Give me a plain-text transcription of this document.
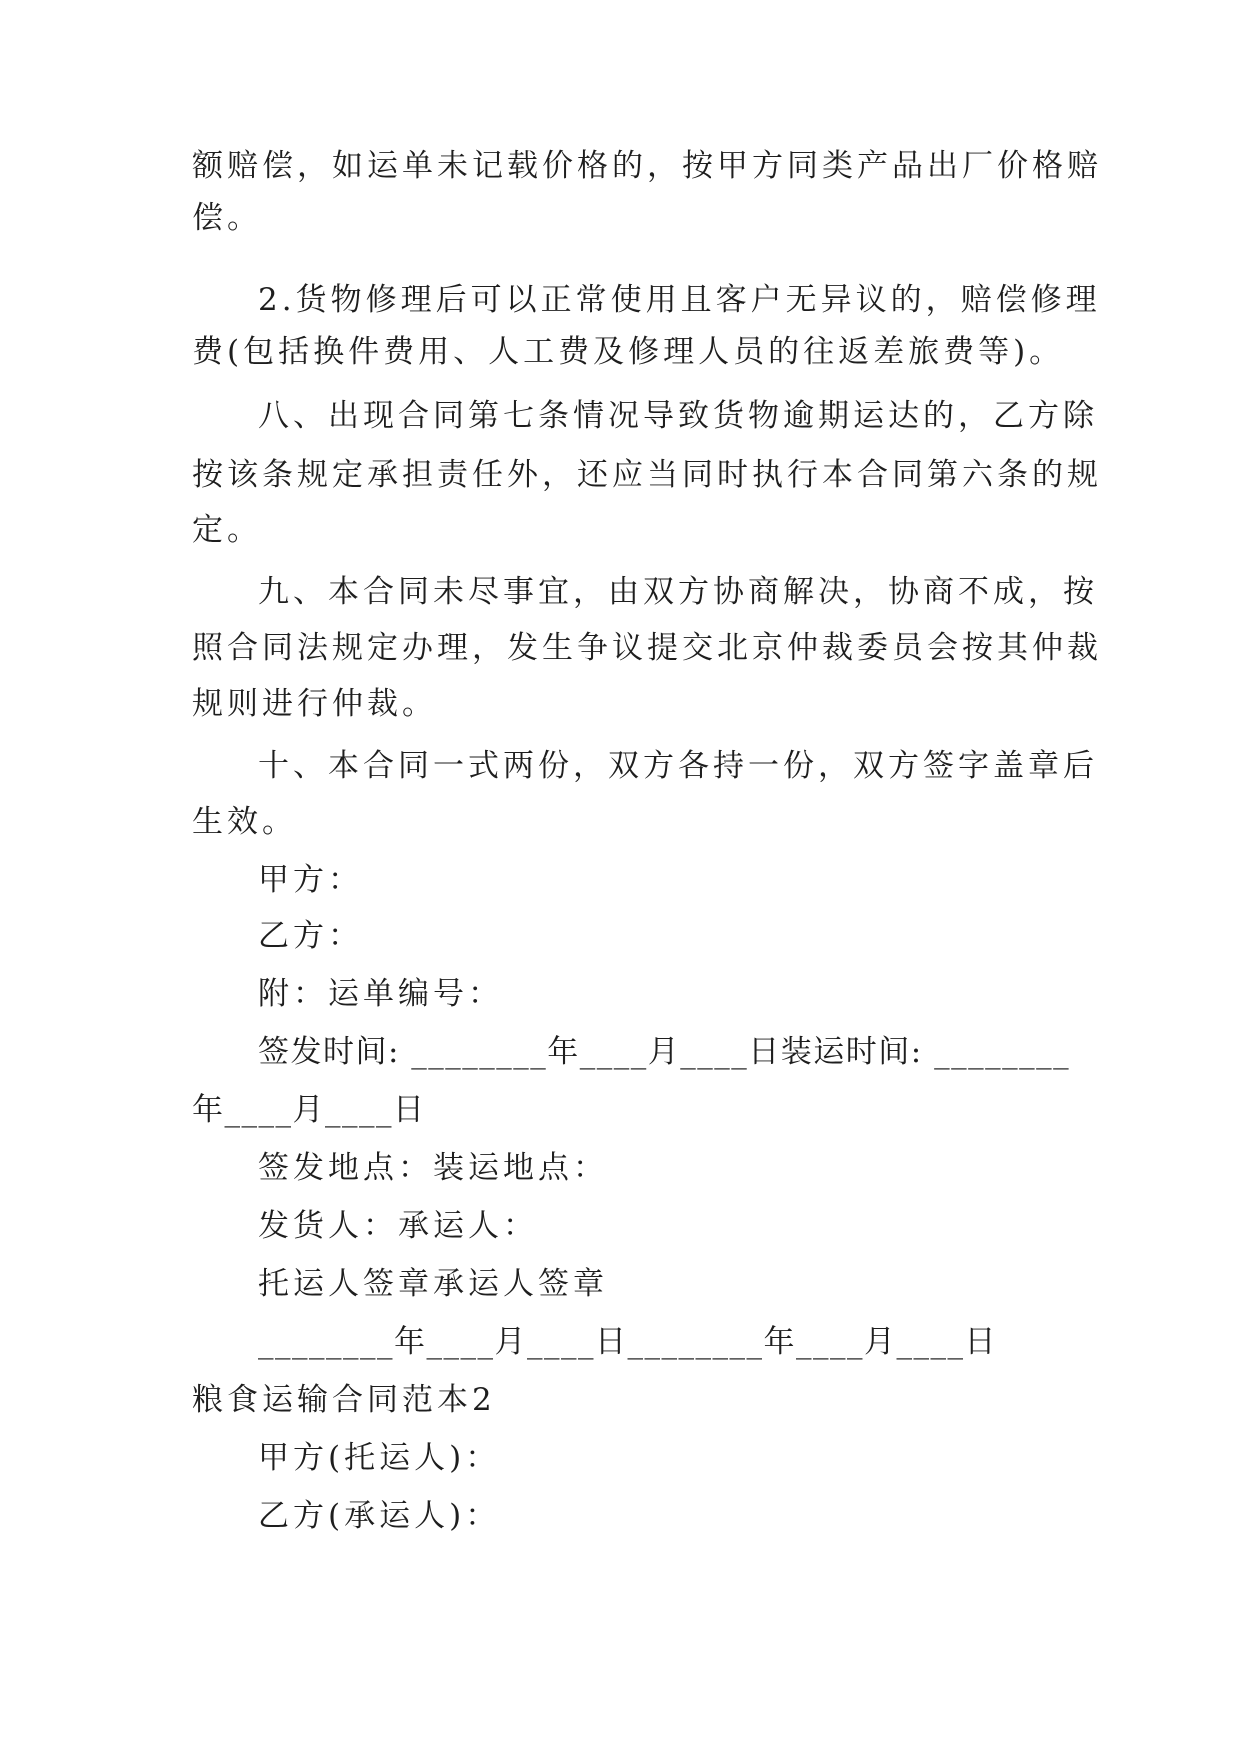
额赔偿，如运单未记载价格的，按甲方同类产品出厂价格赔

偿。

2.货物修理后可以正常使用且客户无异议的，赔偿修理

费(包括换件费用、人工费及修理人员的往返差旅费等)。

八、出现合同第七条情况导致货物逾期运达的，乙方除

按该条规定承担责任外，还应当同时执行本合同第六条的规

定。

九、本合同未尽事宜，由双方协商解决，协商不成，按

照合同法规定办理，发生争议提交北京仲裁委员会按其仲裁

规则进行仲裁。

十、本合同一式两份，双方各持一份，双方签字盖章后

生效。

甲方：

乙方：

附：运单编号：

签发时间: ________年____月____日装运时间: ________

年____月____日

签发地点：装运地点：

发货人：承运人：

托运人签章承运人签章

________年____月____日________年____月____日

粮食运输合同范本2

甲方(托运人)：

乙方(承运人)：
